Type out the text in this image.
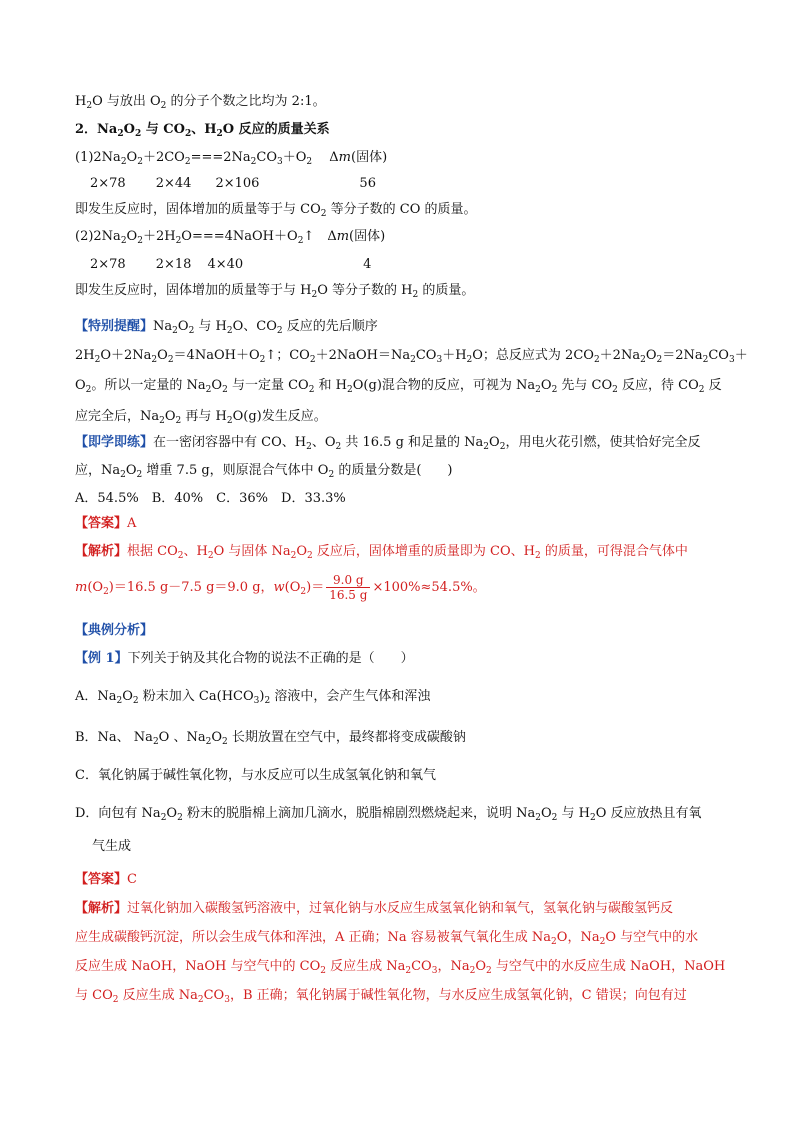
$H_2O$ 与放出 $O_2$ 的分子个数之比均为 2:1。
2．$Na_2O_2$ 与 $CO_2$、$H_2O$ 反应的质量关系
$(1)2Na_2O_2+2CO_2===2Na_2CO_3+O_2$　 Δm(固体)
2×78 2×44 2×106	56
即发生反应时，固体增加的质量等于与 $CO_2$ 等分子数的 CO 的质量。
$(2)2Na_2O_2+2H_2O===4NaOH+O_2↑$　Δm(固体)
2×78 2×18 4×40	4
即发生反应时，固体增加的质量等于与 $H_2O$ 等分子数的 $H_2$ 的质量。
【特别提醒】$Na_2O_2$ 与 $H_2O$、$CO_2$ 反应的先后顺序
$2H_2O+2Na_2O_2=4NaOH+O_2↑$；$CO_2+2NaOH=Na_2CO_3+H_2O$；总反应式为 $2CO_2+2Na_2O_2=2Na_2CO_3+$
$O_2$。所以一定量的 $Na_2O_2$ 与一定量 $CO_2$ 和 $H_2O(g)$混合物的反应，可视为 $Na_2O_2$ 先与 $CO_2$ 反应，待 $CO_2$ 反
应完全后，$Na_2O_2$ 再与 $H_2O(g)$发生反应。
【即学即练】在一密闭容器中有 CO、$H_2$、$O_2$ 共 16.5 g 和足量的 $Na_2O_2$，用电火花引燃，使其恰好完全反
应，$Na_2O_2$ 增重 7.5 g，则原混合气体中 $O_2$ 的质量分数是(　　)
A．54.5%　 B．40%　 C．36%　 D．33.3%
【答案】A
【解析】根据 $CO_2$、$H_2O$ 与固体 $Na_2O_2$ 反应后，固体增重的质量即为 CO、$H_2$ 的质量，可得混合气体中
$m(O_2)=16.5$ g－7.5 g＝9.0 g，$w(O_2)= \frac{9.0 g}{16.5 g} \times 100\%\approx 54.5\%$。
【典例分析】
【例 1】下列关于钠及其化合物的说法不正确的是（　　）
A．$Na_2O_2$ 粉末加入 $Ca(HCO_3)_2$ 溶液中，会产生气体和浑浊
B．Na、 $Na_2O$ 、$Na_2O_2$ 长期放置在空气中，最终都将变成碳酸钠
C．氧化钠属于碱性氧化物，与水反应可以生成氢氧化钠和氧气
D．向包有 $Na_2O_2$ 粉末的脱脂棉上滴加几滴水，脱脂棉剧烈燃烧起来，说明 $Na_2O_2$ 与 $H_2O$ 反应放热且有氧
气生成
【答案】C
【解析】过氧化钠加入碳酸氢钙溶液中，过氧化钠与水反应生成氢氧化钠和氧气，氢氧化钠与碳酸氢钙反
应生成碳酸钙沉淀，所以会生成气体和浑浊，A 正确；Na 容易被氧气氧化生成 $Na_2O$，$Na_2O$ 与空气中的水
反应生成 NaOH，NaOH 与空气中的 $CO_2$ 反应生成 $Na_2CO_3$，$Na_2O_2$ 与空气中的水反应生成 NaOH，NaOH
与 $CO_2$ 反应生成 $Na_2CO_3$，B 正确；氧化钠属于碱性氧化物，与水反应生成氢氧化钠，C 错误；向包有过
